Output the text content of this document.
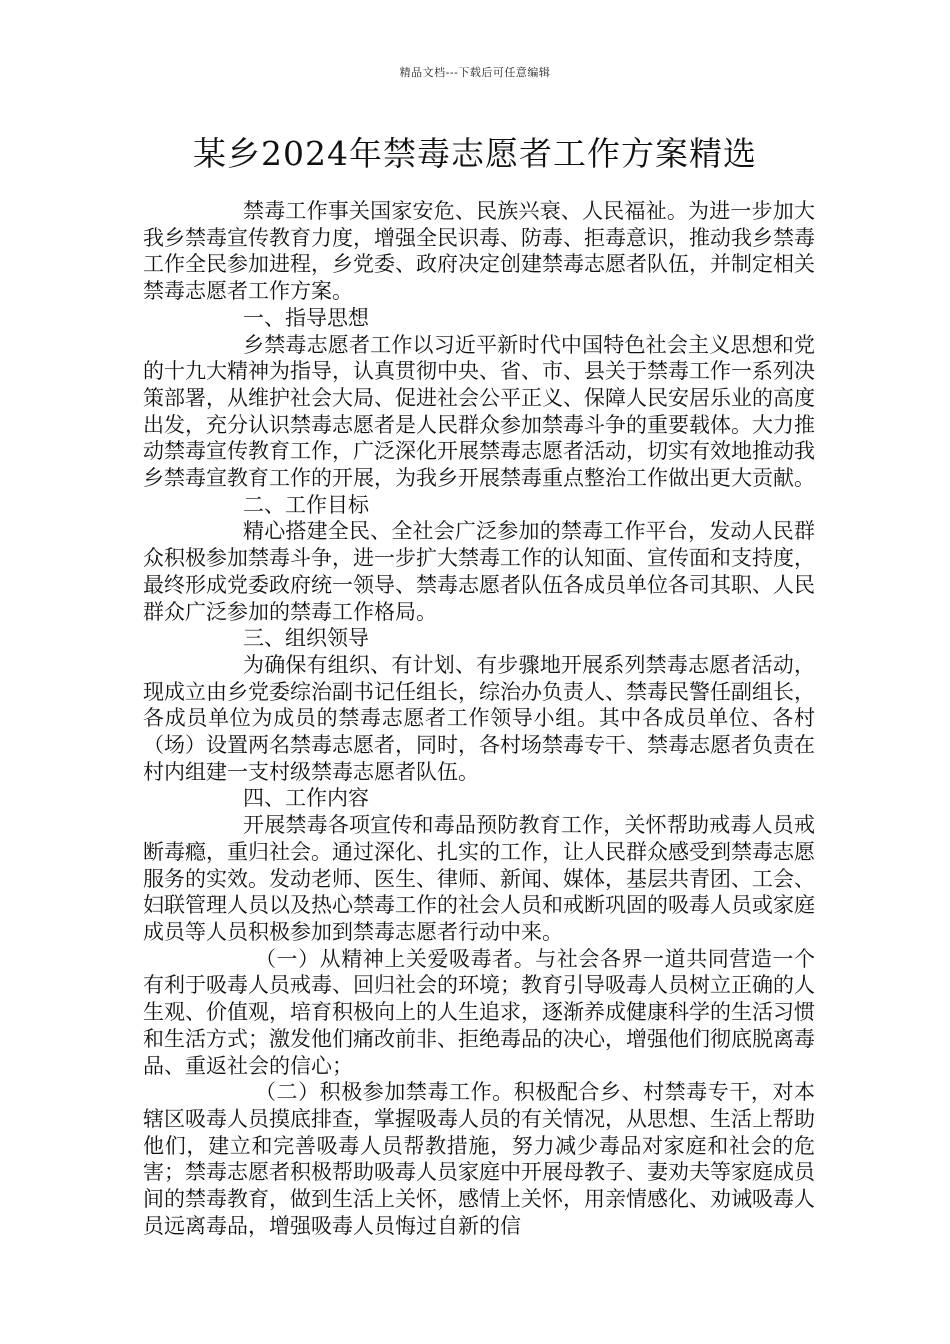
精品文档---下载后可任意编辑
某乡2024年禁毒志愿者工作方案精选

禁毒工作事关国家安危、民族兴衰、人民福祉。为进一步加大我乡禁毒宣传教育力度，增强全民识毒、防毒、拒毒意识，推动我乡禁毒工作全民参加进程，乡党委、政府决定创建禁毒志愿者队伍，并制定相关禁毒志愿者工作方案。

一、指导思想

乡禁毒志愿者工作以习近平新时代中国特色社会主义思想和党的十九大精神为指导，认真贯彻中央、省、市、县关于禁毒工作一系列决策部署，从维护社会大局、促进社会公平正义、保障人民安居乐业的高度出发，充分认识禁毒志愿者是人民群众参加禁毒斗争的重要载体。大力推动禁毒宣传教育工作，广泛深化开展禁毒志愿者活动，切实有效地推动我乡禁毒宣教育工作的开展，为我乡开展禁毒重点整治工作做出更大贡献。

二、工作目标

精心搭建全民、全社会广泛参加的禁毒工作平台，发动人民群众积极参加禁毒斗争，进一步扩大禁毒工作的认知面、宣传面和支持度，最终形成党委政府统一领导、禁毒志愿者队伍各成员单位各司其职、人民群众广泛参加的禁毒工作格局。

三、组织领导

为确保有组织、有计划、有步骤地开展系列禁毒志愿者活动，现成立由乡党委综治副书记任组长，综治办负责人、禁毒民警任副组长，各成员单位为成员的禁毒志愿者工作领导小组。其中各成员单位、各村（场）设置两名禁毒志愿者，同时，各村场禁毒专干、禁毒志愿者负责在村内组建一支村级禁毒志愿者队伍。

四、工作内容

开展禁毒各项宣传和毒品预防教育工作，关怀帮助戒毒人员戒断毒瘾，重归社会。通过深化、扎实的工作，让人民群众感受到禁毒志愿服务的实效。发动老师、医生、律师、新闻、媒体，基层共青团、工会、妇联管理人员以及热心禁毒工作的社会人员和戒断巩固的吸毒人员或家庭成员等人员积极参加到禁毒志愿者行动中来。

（一）从精神上关爱吸毒者。与社会各界一道共同营造一个有利于吸毒人员戒毒、回归社会的环境；教育引导吸毒人员树立正确的人生观、价值观，培育积极向上的人生追求，逐渐养成健康科学的生活习惯和生活方式；激发他们痛改前非、拒绝毒品的决心，增强他们彻底脱离毒品、重返社会的信心；

（二）积极参加禁毒工作。积极配合乡、村禁毒专干，对本辖区吸毒人员摸底排查，掌握吸毒人员的有关情况，从思想、生活上帮助他们，建立和完善吸毒人员帮教措施，努力减少毒品对家庭和社会的危害；禁毒志愿者积极帮助吸毒人员家庭中开展母教子、妻劝夫等家庭成员间的禁毒教育，做到生活上关怀，感情上关怀，用亲情感化、劝诫吸毒人员远离毒品，增强吸毒人员悔过自新的信
